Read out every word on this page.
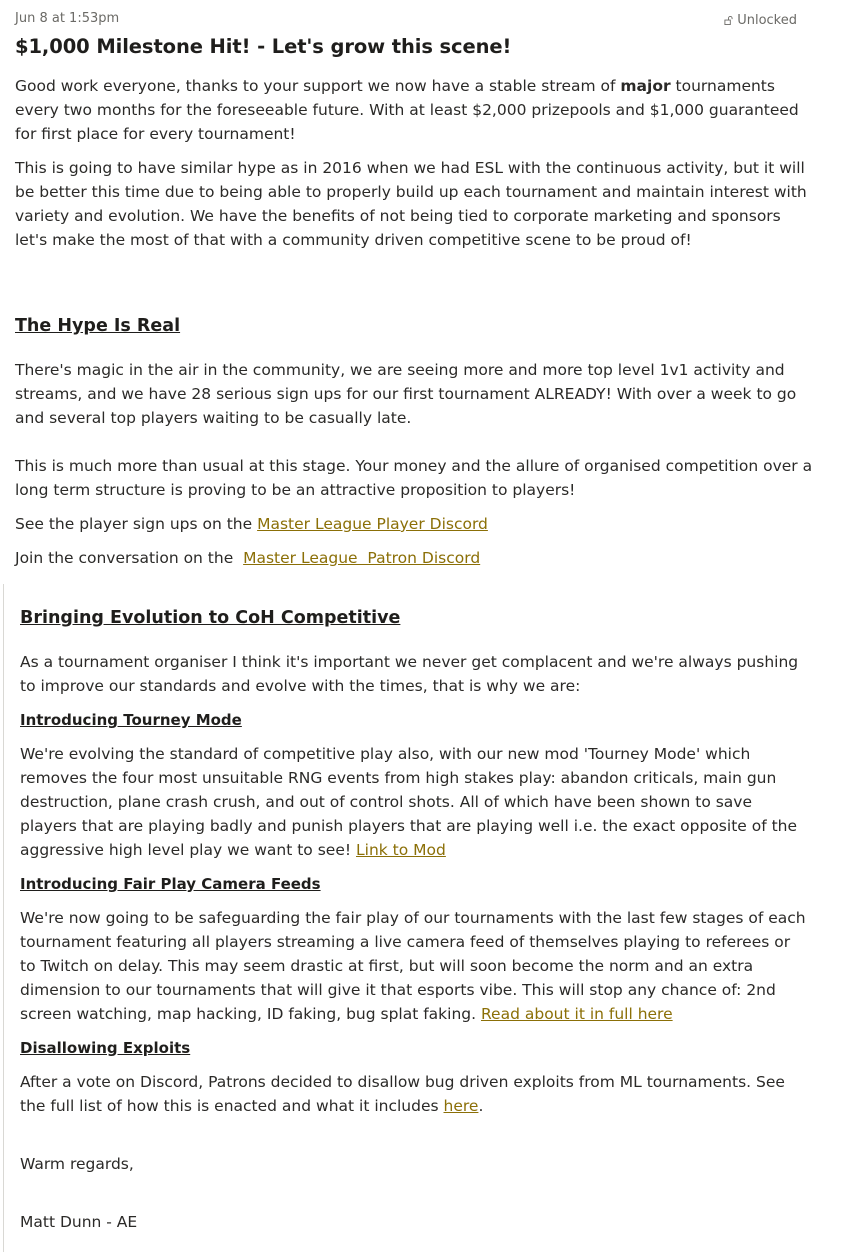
Jun 8 at 1:53pm	Unlocked
$1,000 Milestone Hit! - Let's grow this scene!

Good work everyone, thanks to your support we now have a stable stream of major tournaments every two months for the foreseeable future. With at least $2,000 prizepools and $1,000 guaranteed for first place for every tournament!

This is going to have similar hype as in 2016 when we had ESL with the continuous activity, but it will be better this time due to being able to properly build up each tournament and maintain interest with variety and evolution. We have the benefits of not being tied to corporate marketing and sponsors let's make the most of that with a community driven competitive scene to be proud of!

The Hype Is Real

There's magic in the air in the community, we are seeing more and more top level 1v1 activity and streams, and we have 28 serious sign ups for our first tournament ALREADY! With over a week to go and several top players waiting to be casually late.

This is much more than usual at this stage. Your money and the allure of organised competition over a long term structure is proving to be an attractive proposition to players!

See the player sign ups on the Master League Player Discord

Join the conversation on the  Master League  Patron Discord

Bringing Evolution to CoH Competitive

As a tournament organiser I think it's important we never get complacent and we're always pushing to improve our standards and evolve with the times, that is why we are:

Introducing Tourney Mode

We're evolving the standard of competitive play also, with our new mod 'Tourney Mode' which removes the four most unsuitable RNG events from high stakes play: abandon criticals, main gun destruction, plane crash crush, and out of control shots. All of which have been shown to save players that are playing badly and punish players that are playing well i.e. the exact opposite of the aggressive high level play we want to see! Link to Mod

Introducing Fair Play Camera Feeds

We're now going to be safeguarding the fair play of our tournaments with the last few stages of each tournament featuring all players streaming a live camera feed of themselves playing to referees or to Twitch on delay. This may seem drastic at first, but will soon become the norm and an extra dimension to our tournaments that will give it that esports vibe. This will stop any chance of: 2nd screen watching, map hacking, ID faking, bug splat faking. Read about it in full here

Disallowing Exploits

After a vote on Discord, Patrons decided to disallow bug driven exploits from ML tournaments. See the full list of how this is enacted and what it includes here.

Warm regards,

Matt Dunn - AE
